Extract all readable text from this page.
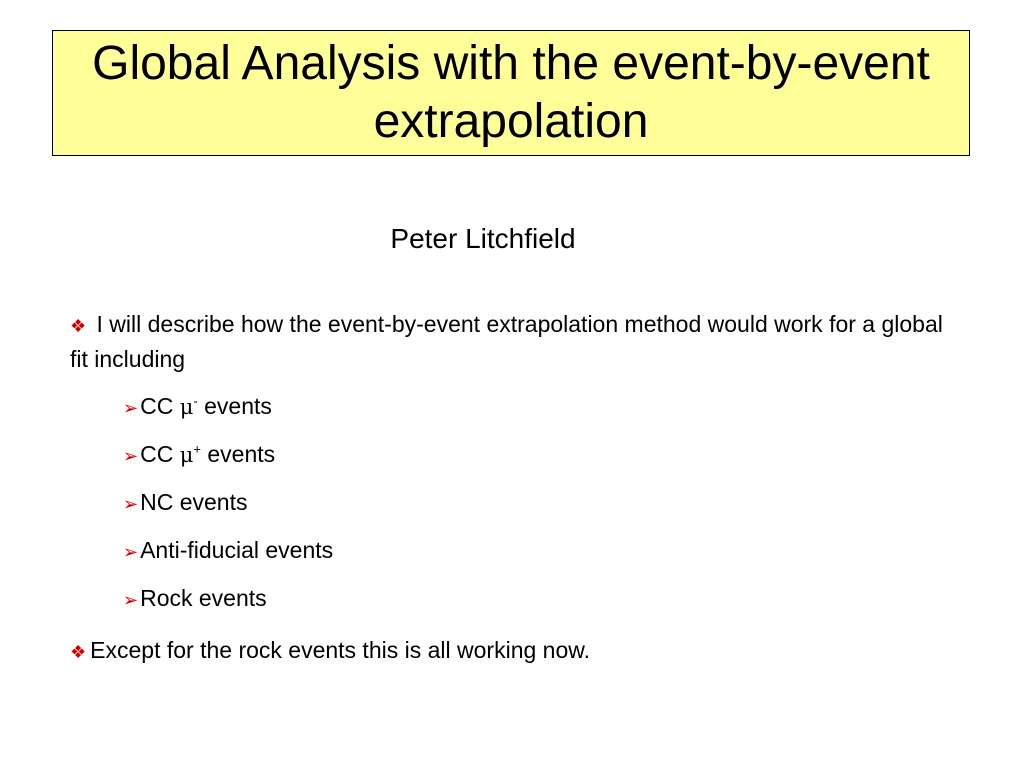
Global Analysis with the event-by-event extrapolation
Peter Litchfield
❖ I will describe how the event-by-event extrapolation method would work for a global fit including
➢ CC μ- events
➢ CC μ+ events
➢ NC events
➢ Anti-fiducial events
➢ Rock events
❖ Except for the rock events this is all working now.
